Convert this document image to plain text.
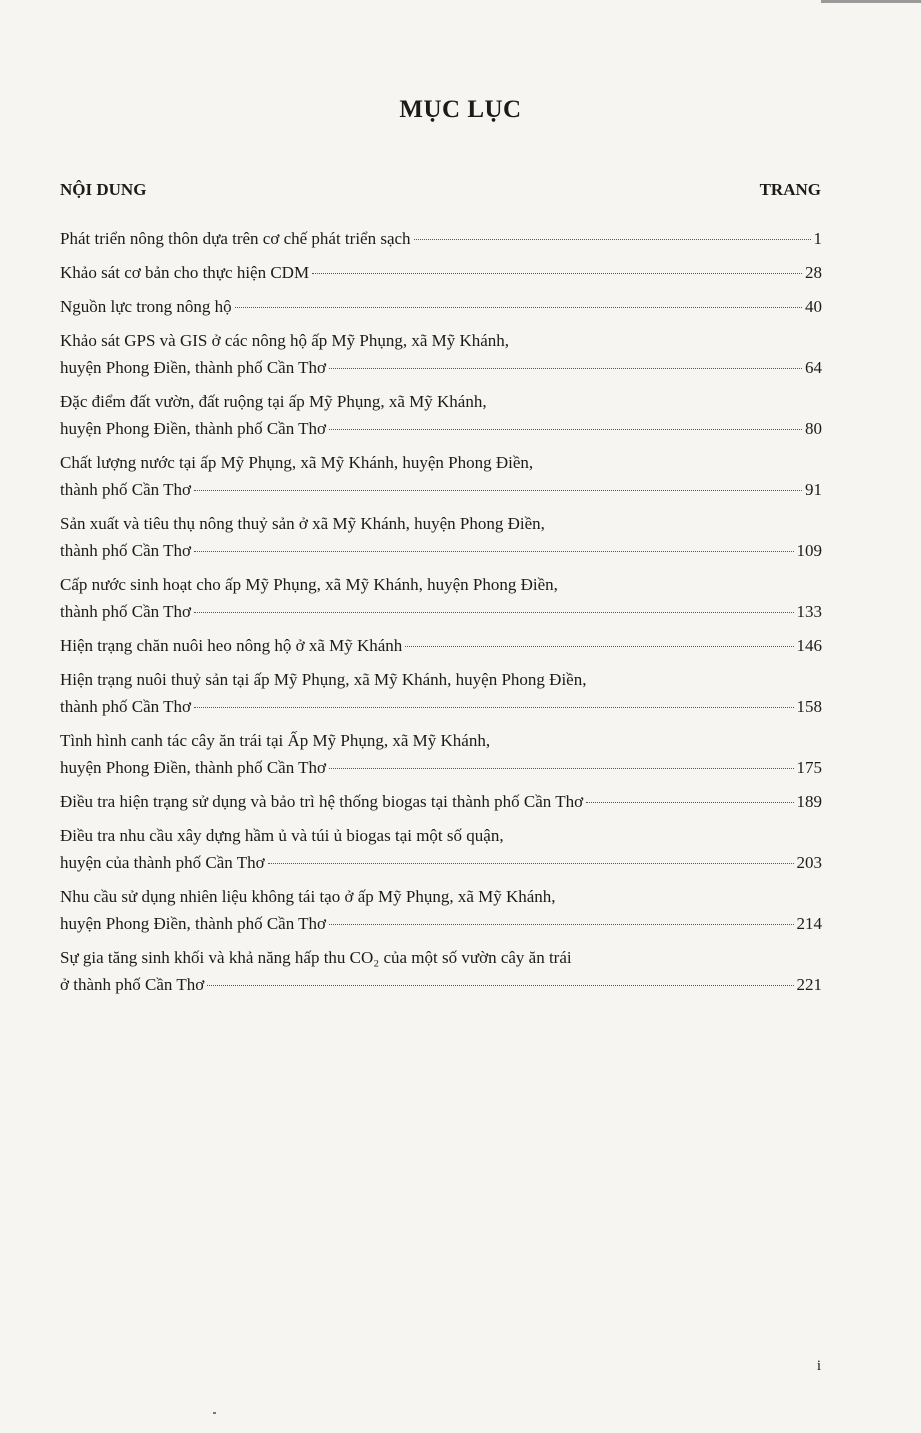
MỤC LỤC
NỘI DUNG	TRANG
Phát triển nông thôn dựa trên cơ chế phát triển sạch	1
Khảo sát cơ bản cho thực hiện CDM	28
Nguồn lực trong nông hộ	40
Khảo sát GPS và GIS ở các nông hộ ấp Mỹ Phụng, xã Mỹ Khánh,
huyện Phong Điền, thành phố Cần Thơ	64
Đặc điểm đất vườn, đất ruộng tại ấp Mỹ Phụng, xã Mỹ Khánh,
huyện Phong Điền, thành phố Cần Thơ	80
Chất lượng nước tại ấp Mỹ Phụng, xã Mỹ Khánh, huyện Phong Điền,
thành phố Cần Thơ	91
Sản xuất và tiêu thụ nông thuỷ sản ở xã Mỹ Khánh, huyện Phong Điền,
thành phố Cần Thơ	109
Cấp nước sinh hoạt cho ấp Mỹ Phụng, xã Mỹ Khánh, huyện Phong Điền,
thành phố Cần Thơ	133
Hiện trạng chăn nuôi heo nông hộ ở xã Mỹ Khánh	146
Hiện trạng nuôi thuỷ sản tại ấp Mỹ Phụng, xã Mỹ Khánh, huyện Phong Điền,
thành phố Cần Thơ	158
Tình hình canh tác cây ăn trái tại Ấp Mỹ Phụng, xã Mỹ Khánh,
huyện Phong Điền, thành phố Cần Thơ	175
Điều tra hiện trạng sử dụng và bảo trì hệ thống biogas tại thành phố Cần Thơ	189
Điều tra nhu cầu xây dựng hầm ủ và túi ủ biogas tại một số quận,
huyện của thành phố Cần Thơ	203
Nhu cầu sử dụng nhiên liệu không tái tạo ở ấp Mỹ Phụng, xã Mỹ Khánh,
huyện Phong Điền, thành phố Cần Thơ	214
Sự gia tăng sinh khối và khả năng hấp thu CO₂ của một số vườn cây ăn trái
ở thành phố Cần Thơ	221
i
